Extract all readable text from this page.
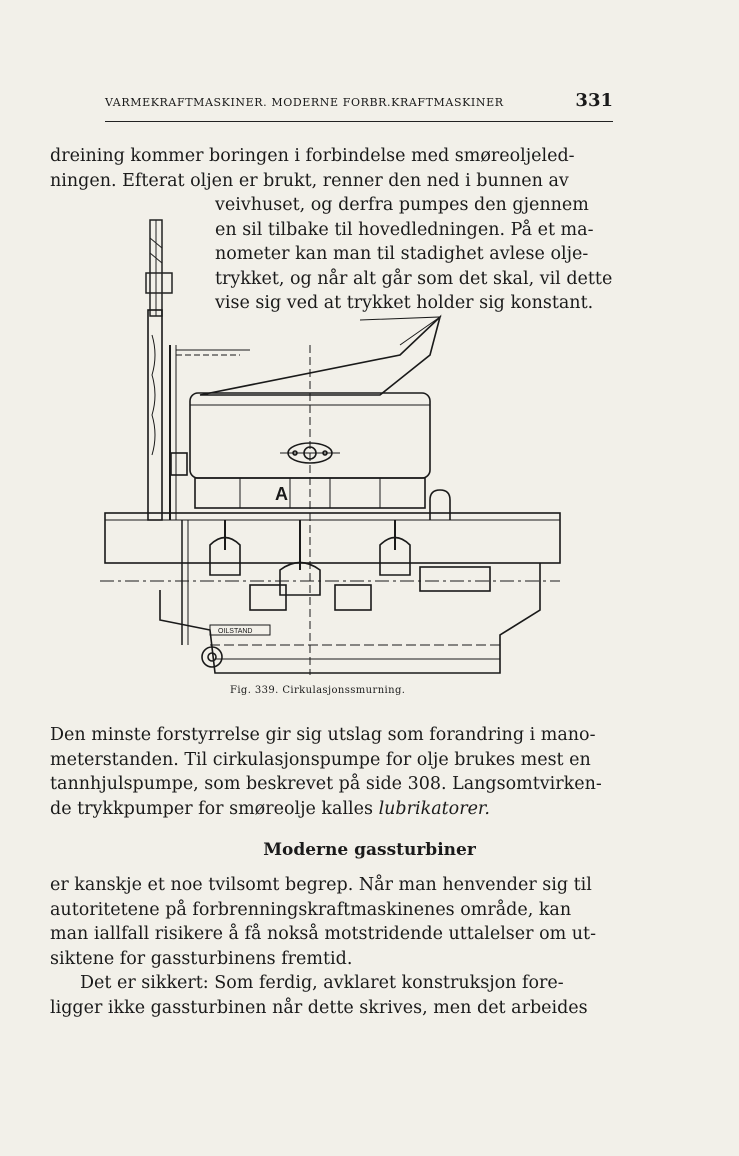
VARMEKRAFTMASKINER. MODERNE FORBR.KRAFTMASKINER	331
dreining kommer boringen i forbindelse med smøreoljeled-
ningen. Efterat oljen er brukt, renner den ned i bunnen av
veivhuset, og derfra pumpes den gjennem
en sil tilbake til hovedledningen. På et ma-
nometer kan man til stadighet avlese olje-
trykket, og når alt går som det skal, vil dette
vise sig ved at trykket holder sig konstant.
A
OILSTAND
Fig. 339. Cirkulasjonssmurning.
Den minste forstyrrelse gir sig utslag som forandring i mano-
meterstanden. Til cirkulasjonspumpe for olje brukes mest en
tannhjulspumpe, som beskrevet på side 308. Langsomtvirken-
de trykkpumper for smøreolje kalles lubrikatorer.
Moderne gassturbiner
er kanskje et noe tvilsomt begrep. Når man henvender sig til
autoritetene på forbrenningskraftmaskinenes område, kan
man iallfall risikere å få nokså motstridende uttalelser om ut-
siktene for gassturbinens fremtid.
Det er sikkert: Som ferdig, avklaret konstruksjon fore-
ligger ikke gassturbinen når dette skrives, men det arbeides
